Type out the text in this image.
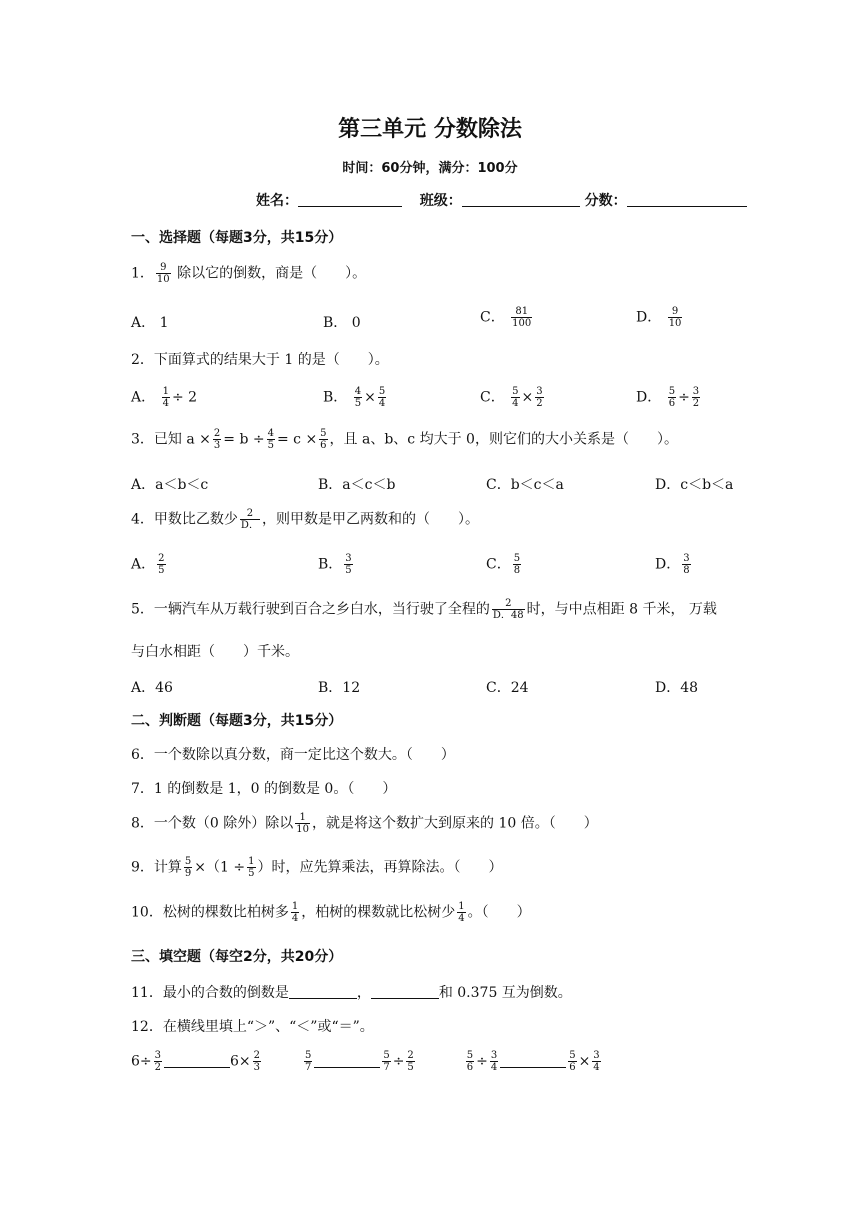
第三单元 分数除法
时间：60分钟，满分：100分
姓名：	班级：	分数：
一、选择题（每题3分，共15分）
1． $\frac{9}{10}$ 除以它的倒数，商是（　　）。
A． 1	B． 0	C． $\frac{81}{100}$	D． $\frac{9}{10}$
2．下面算式的结果大于 1 的是（　　）。
A． $\frac{1}{4} \div 2$	B． $\frac{4}{5} \times \frac{5}{4}$	C． $\frac{5}{4} \times \frac{3}{2}$	D． $\frac{5}{6} \div \frac{3}{2}$
3．已知 $a \times \frac{2}{3} = b \div \frac{4}{5} = c \times \frac{5}{6}$ ，且 a、b、c 均大于 0，则它们的大小关系是（　　）。
A．a＜b＜c	B．a＜c＜b	C．b＜c＜a	D．c＜b＜a
4．甲数比乙数少 $\frac{2}{D.}$ ，则甲数是甲乙两数和的（　　）。
A． $\frac{2}{5}$	B． $\frac{3}{5}$	C． $\frac{5}{8}$	D． $\frac{3}{8}$
5．一辆汽车从万载行驶到百合之乡白水，当行驶了全程的 $\frac{2}{D.48}$ 时，与中点相距 8 千米， 万载
与白水相距（　　）千米。
A．46	B．12	C．24	D．48
二、判断题（每题3分，共15分）
6．一个数除以真分数，商一定比这个数大。（　　）
7．1 的倒数是 1，0 的倒数是 0。（　　）
8．一个数（0 除外）除以 $\frac{1}{10}$ ，就是将这个数扩大到原来的 10 倍。（　　）
9．计算 $\frac{5}{9} \times(1 \div \frac{1}{5}$ ）时，应先算乘法，再算除法。（　　）
10．松树的棵数比柏树多 $\frac{1}{4}$ ，柏树的棵数就比松树少 $\frac{1}{4}$ 。（　　）
三、填空题（每空2分，共20分）
11．最小的合数的倒数是	，	和 0.375 互为倒数。
12．在横线里填上“＞”、“＜”或“＝”。
$6\div \frac{3}{2}$	$6\times \frac{2}{3}$
	$\frac{5}{7}$	$\frac{5}{7} \div \frac{2}{5}$
	$\frac{5}{6} \div \frac{3}{4}$	$\frac{5}{6} \times \frac{3}{4}$
